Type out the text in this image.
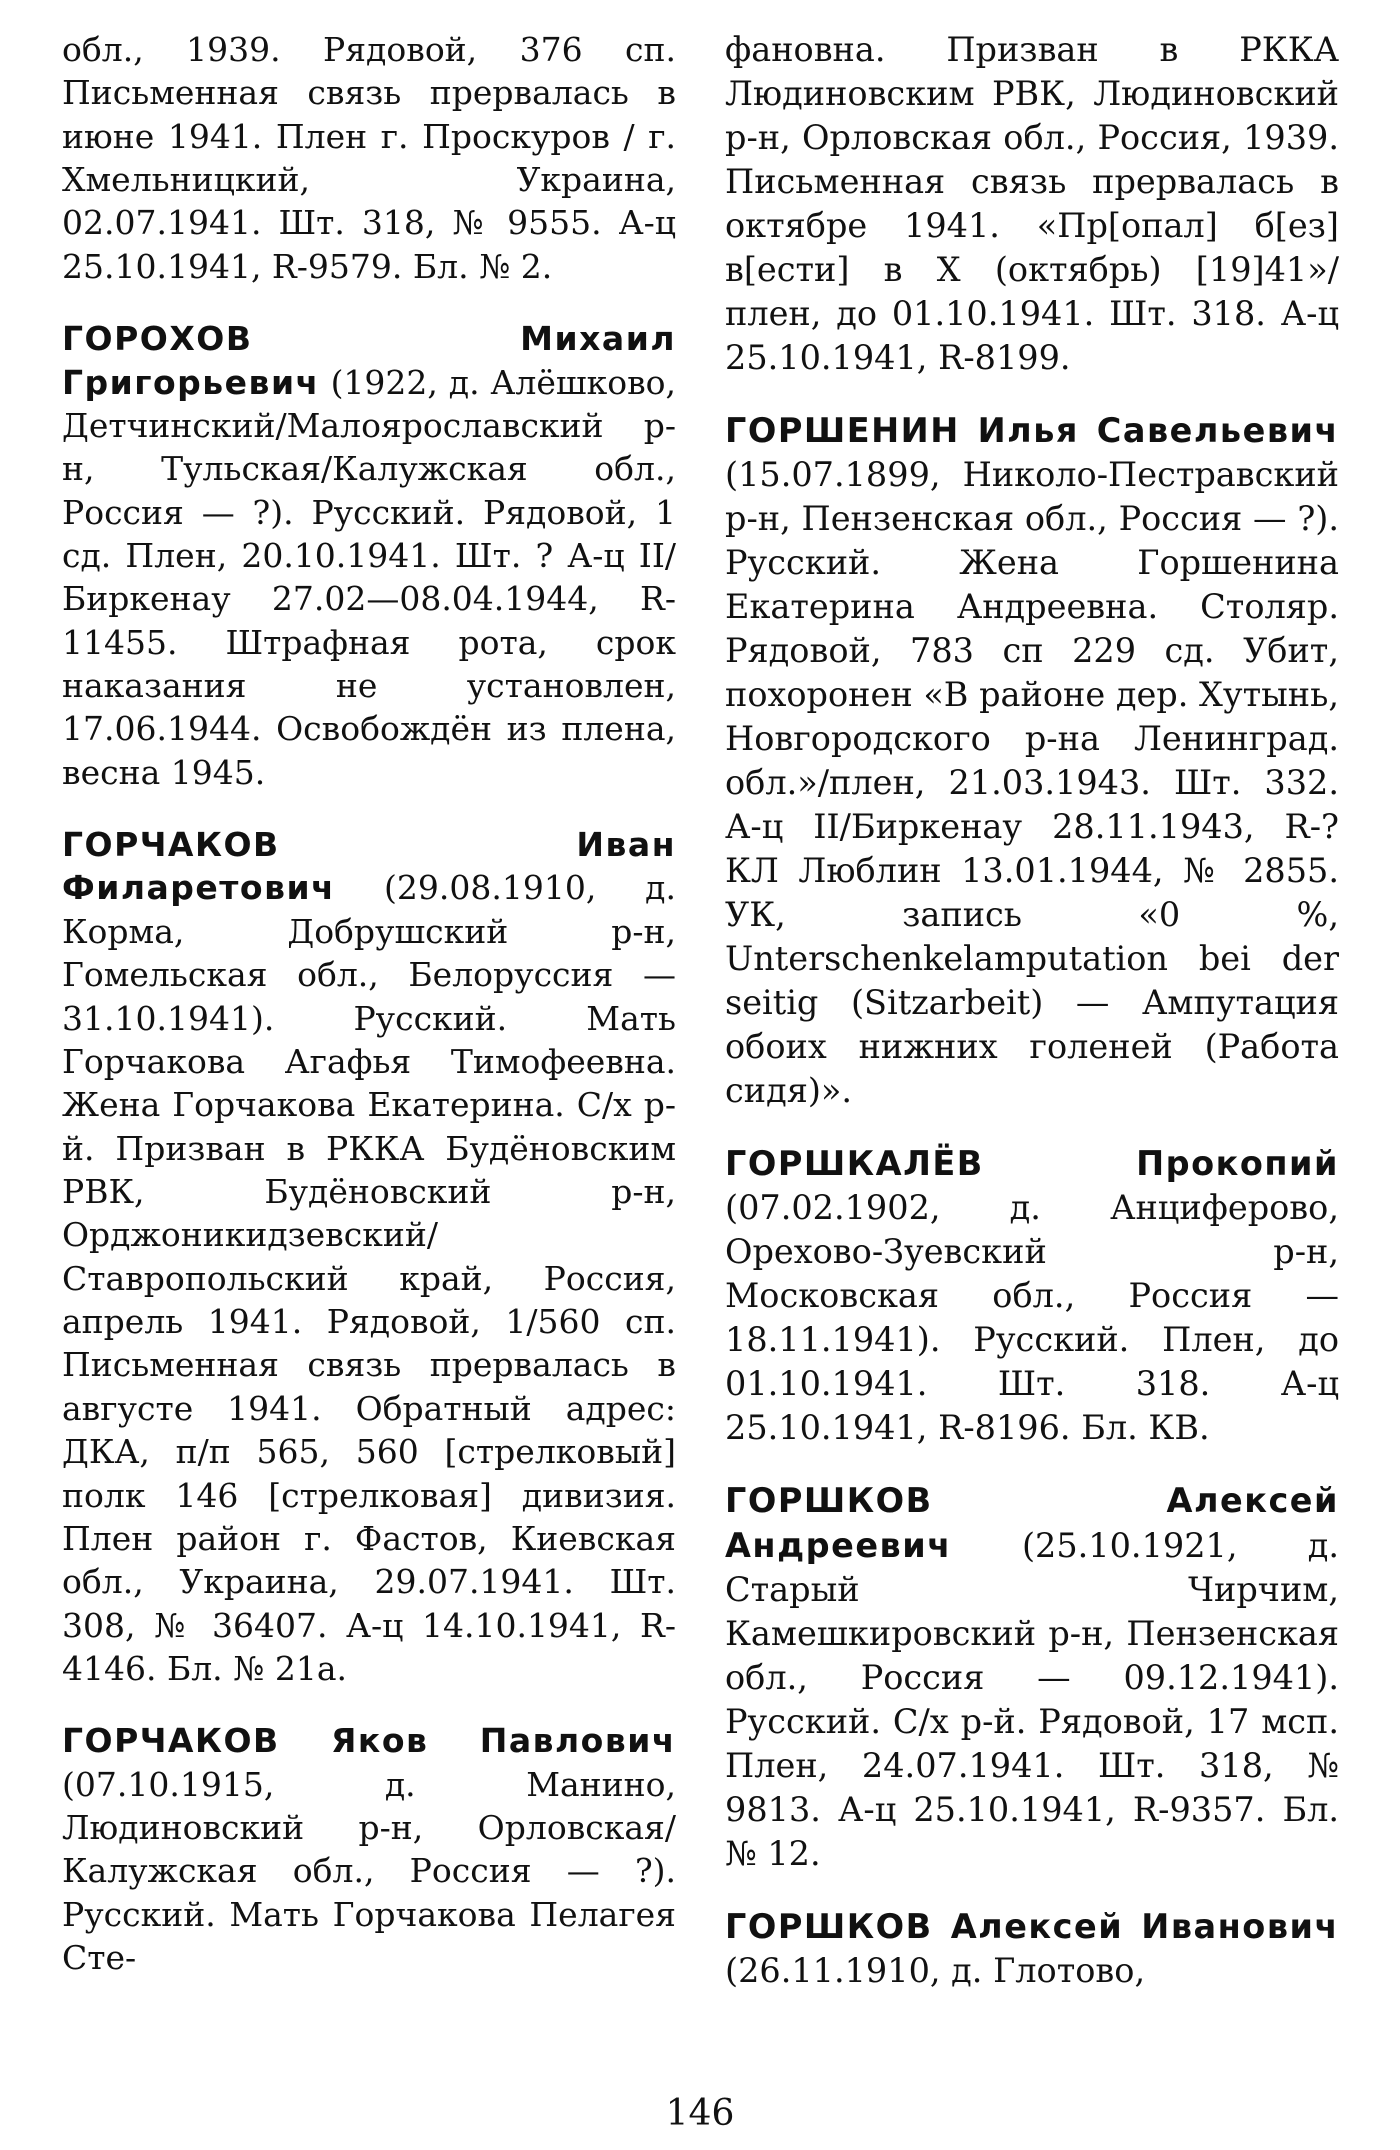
обл., 1939. Рядовой, 376 сп. Письменная связь прервалась в июне 1941. Плен г. Проскуров / г. Хмельницкий, Украина, 02.07.1941. Шт. 318, № 9555. А-ц 25.10.1941, R-9579. Бл. № 2.

ГОРОХОВ Михаил Григорьевич (1922, д. Алёшково, Детчинский/Малоярославский р-н, Тульская/Калужская обл., Россия — ?). Русский. Рядовой, 1 сд. Плен, 20.10.1941. Шт. ? А-ц II/Биркенау 27.02—08.04.1944, R-11455. Штрафная рота, срок наказания не установлен, 17.06.1944. Освобождён из плена, весна 1945.

ГОРЧАКОВ Иван Филаретович (29.08.1910, д. Корма, Добрушский р-н, Гомельская обл., Белоруссия — 31.10.1941). Русский. Мать Горчакова Агафья Тимофеевна. Жена Горчакова Екатерина. С/х р-й. Призван в РККА Будёновским РВК, Будёновский р-н, Орджоникидзевский/Ставропольский край, Россия, апрель 1941. Рядовой, 1/560 сп. Письменная связь прервалась в августе 1941. Обратный адрес: ДКА, п/п 565, 560 [стрелковый] полк 146 [стрелковая] дивизия. Плен район г. Фастов, Киевская обл., Украина, 29.07.1941. Шт. 308, № 36407. А-ц 14.10.1941, R-4146. Бл. № 21а.

ГОРЧАКОВ Яков Павлович (07.10.1915, д. Манино, Людиновский р-н, Орловская/Калужская обл., Россия — ?). Русский. Мать Горчакова Пелагея Сте-

фановна. Призван в РККА Людиновским РВК, Людиновский р-н, Орловская обл., Россия, 1939. Письменная связь прервалась в октябре 1941. «Пр[опал] б[ез] в[ести] в X (октябрь) [19]41»/плен, до 01.10.1941. Шт. 318. А-ц 25.10.1941, R-8199.

ГОРШЕНИН Илья Савельевич (15.07.1899, Николо-Пестравский р-н, Пензенская обл., Россия — ?). Русский. Жена Горшенина Екатерина Андреевна. Столяр. Рядовой, 783 сп 229 сд. Убит, похоронен «В районе дер. Хутынь, Новгородского р-на Ленинград. обл.»/плен, 21.03.1943. Шт. 332. А-ц II/Биркенау 28.11.1943, R-? КЛ Люблин 13.01.1944, № 2855. УК, запись «0 %, Unterschenkelamputation bei der seitig (Sitzarbeit) — Ампутация обоих нижних голеней (Работа сидя)».

ГОРШКАЛЁВ Прокопий (07.02.1902, д. Анциферово, Орехово-Зуевский р-н, Московская обл., Россия — 18.11.1941). Русский. Плен, до 01.10.1941. Шт. 318. А-ц 25.10.1941, R-8196. Бл. КВ.

ГОРШКОВ Алексей Андреевич (25.10.1921, д. Старый Чирчим, Камешкировский р-н, Пензенская обл., Россия — 09.12.1941). Русский. С/х р-й. Рядовой, 17 мсп. Плен, 24.07.1941. Шт. 318, № 9813. А-ц 25.10.1941, R-9357. Бл. № 12.

ГОРШКОВ Алексей Иванович (26.11.1910, д. Глотово,

146
